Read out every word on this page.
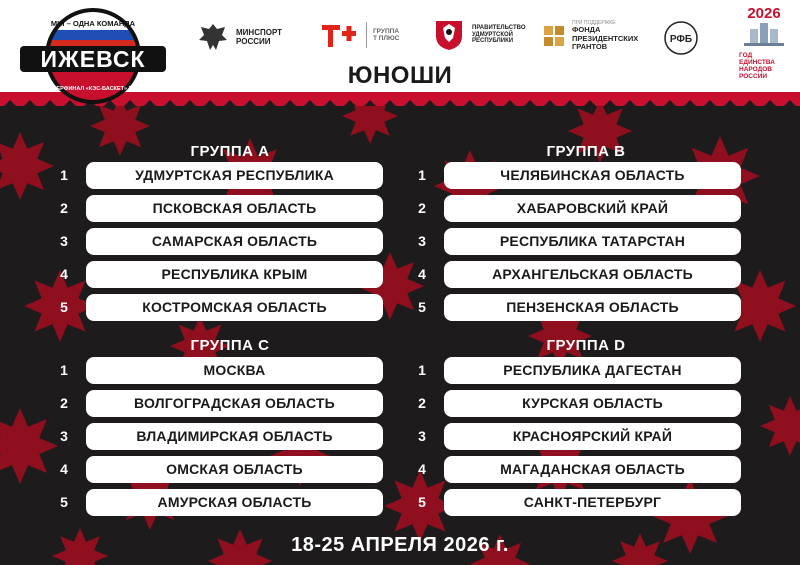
МЫ – ОДНА КОМАНДА
ИЖЕВСК
СУПЕРФИНАЛ «КЭС-БАСКЕТ» 2026
МИНСПОРТ
РОССИИ
ГРУППА
Т ПЛЮС
ПРАВИТЕЛЬСТВО
УДМУРТСКОЙ
РЕСПУБЛИКИ
ПРИ ПОДДЕРЖКЕ
ФОНДА
ПРЕЗИДЕНТСКИХ
ГРАНТОВ
РФБ
2026
ГОД
ЕДИНСТВА
НАРОДОВ
РОССИИ
ЮНОШИ
ГРУППА А	ГРУППА В
ГРУППА С	ГРУППА D
1	УДМУРТСКАЯ РЕСПУБЛИКА
2	ПСКОВСКАЯ ОБЛАСТЬ
3	САМАРСКАЯ ОБЛАСТЬ
4	РЕСПУБЛИКА КРЫМ
5	КОСТРОМСКАЯ ОБЛАСТЬ
1	ЧЕЛЯБИНСКАЯ ОБЛАСТЬ
2	ХАБАРОВСКИЙ КРАЙ
3	РЕСПУБЛИКА ТАТАРСТАН
4	АРХАНГЕЛЬСКАЯ ОБЛАСТЬ
5	ПЕНЗЕНСКАЯ ОБЛАСТЬ
1	МОСКВА
2	ВОЛГОГРАДСКАЯ ОБЛАСТЬ
3	ВЛАДИМИРСКАЯ ОБЛАСТЬ
4	ОМСКАЯ ОБЛАСТЬ
5	АМУРСКАЯ ОБЛАСТЬ
1	РЕСПУБЛИКА ДАГЕСТАН
2	КУРСКАЯ ОБЛАСТЬ
3	КРАСНОЯРСКИЙ КРАЙ
4	МАГАДАНСКАЯ ОБЛАСТЬ
5	САНКТ-ПЕТЕРБУРГ
18-25 АПРЕЛЯ 2026 г.
